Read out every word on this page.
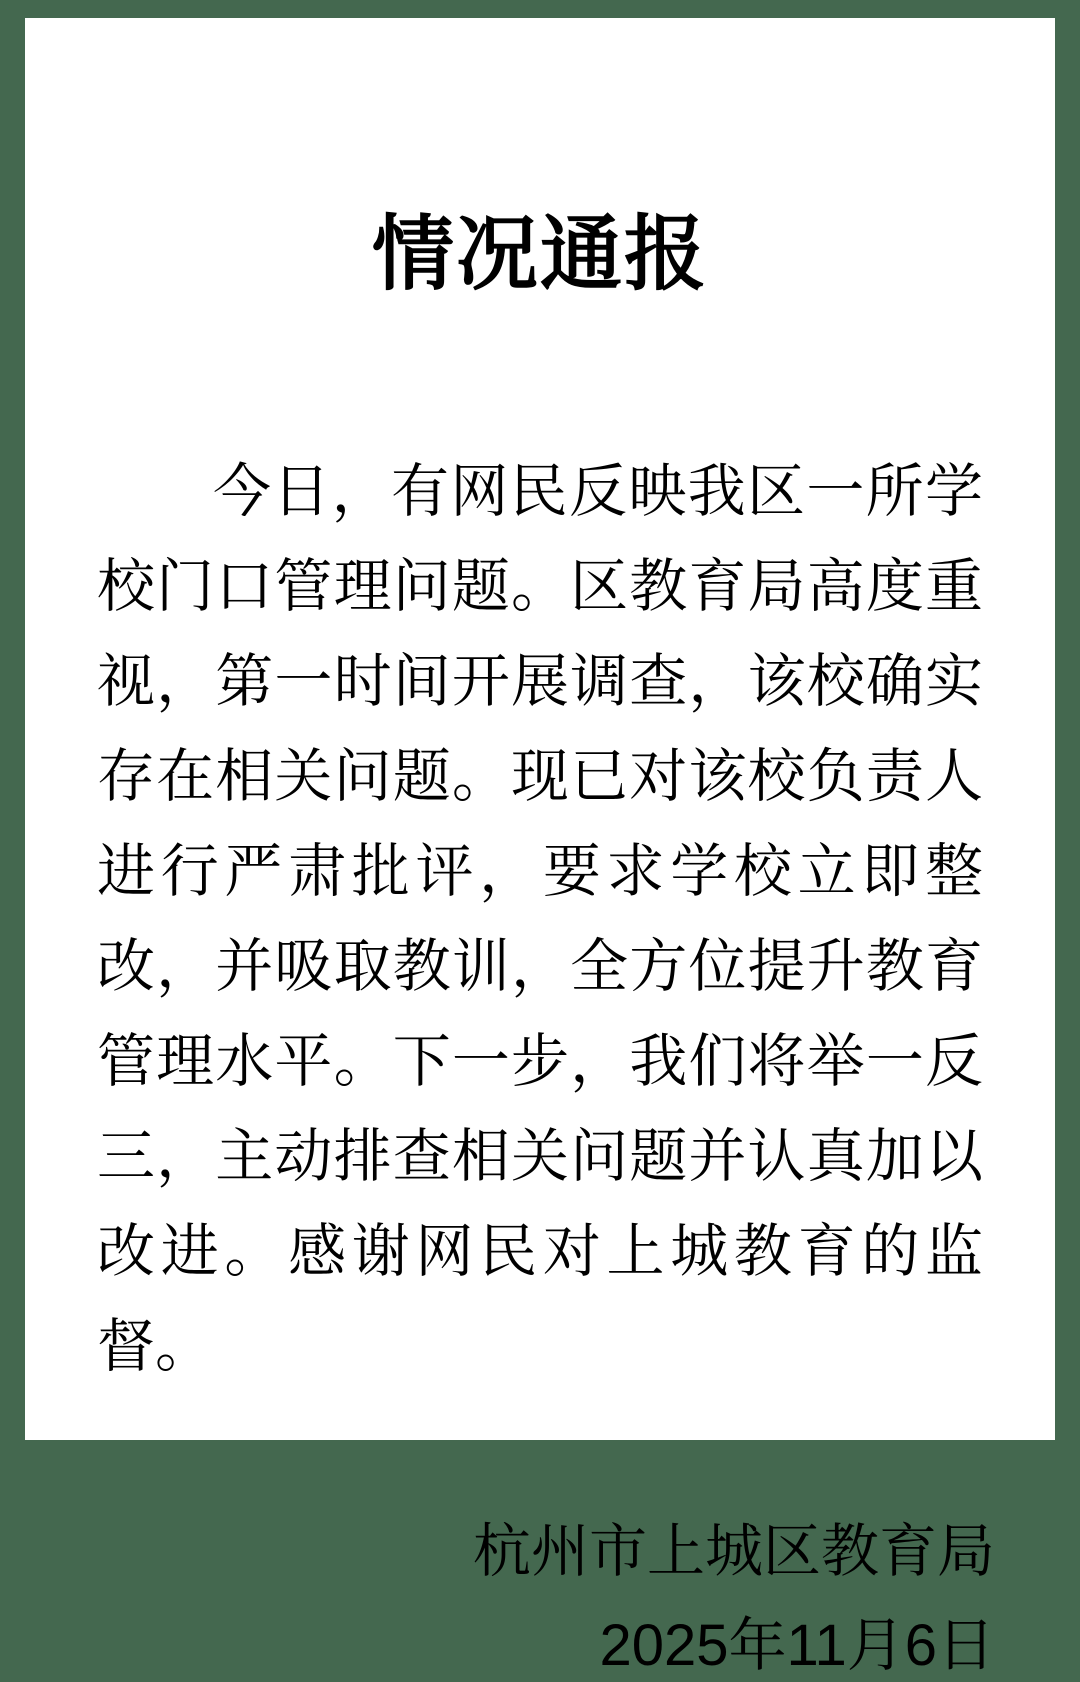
情况通报

今日，有网民反映我区一所学校门口管理问题。区教育局高度重视，第一时间开展调查，该校确实存在相关问题。现已对该校负责人进行严肃批评，要求学校立即整改，并吸取教训，全方位提升教育管理水平。下一步，我们将举一反三，主动排查相关问题并认真加以改进。感谢网民对上城教育的监督。

杭州市上城区教育局

2025年11月6日
